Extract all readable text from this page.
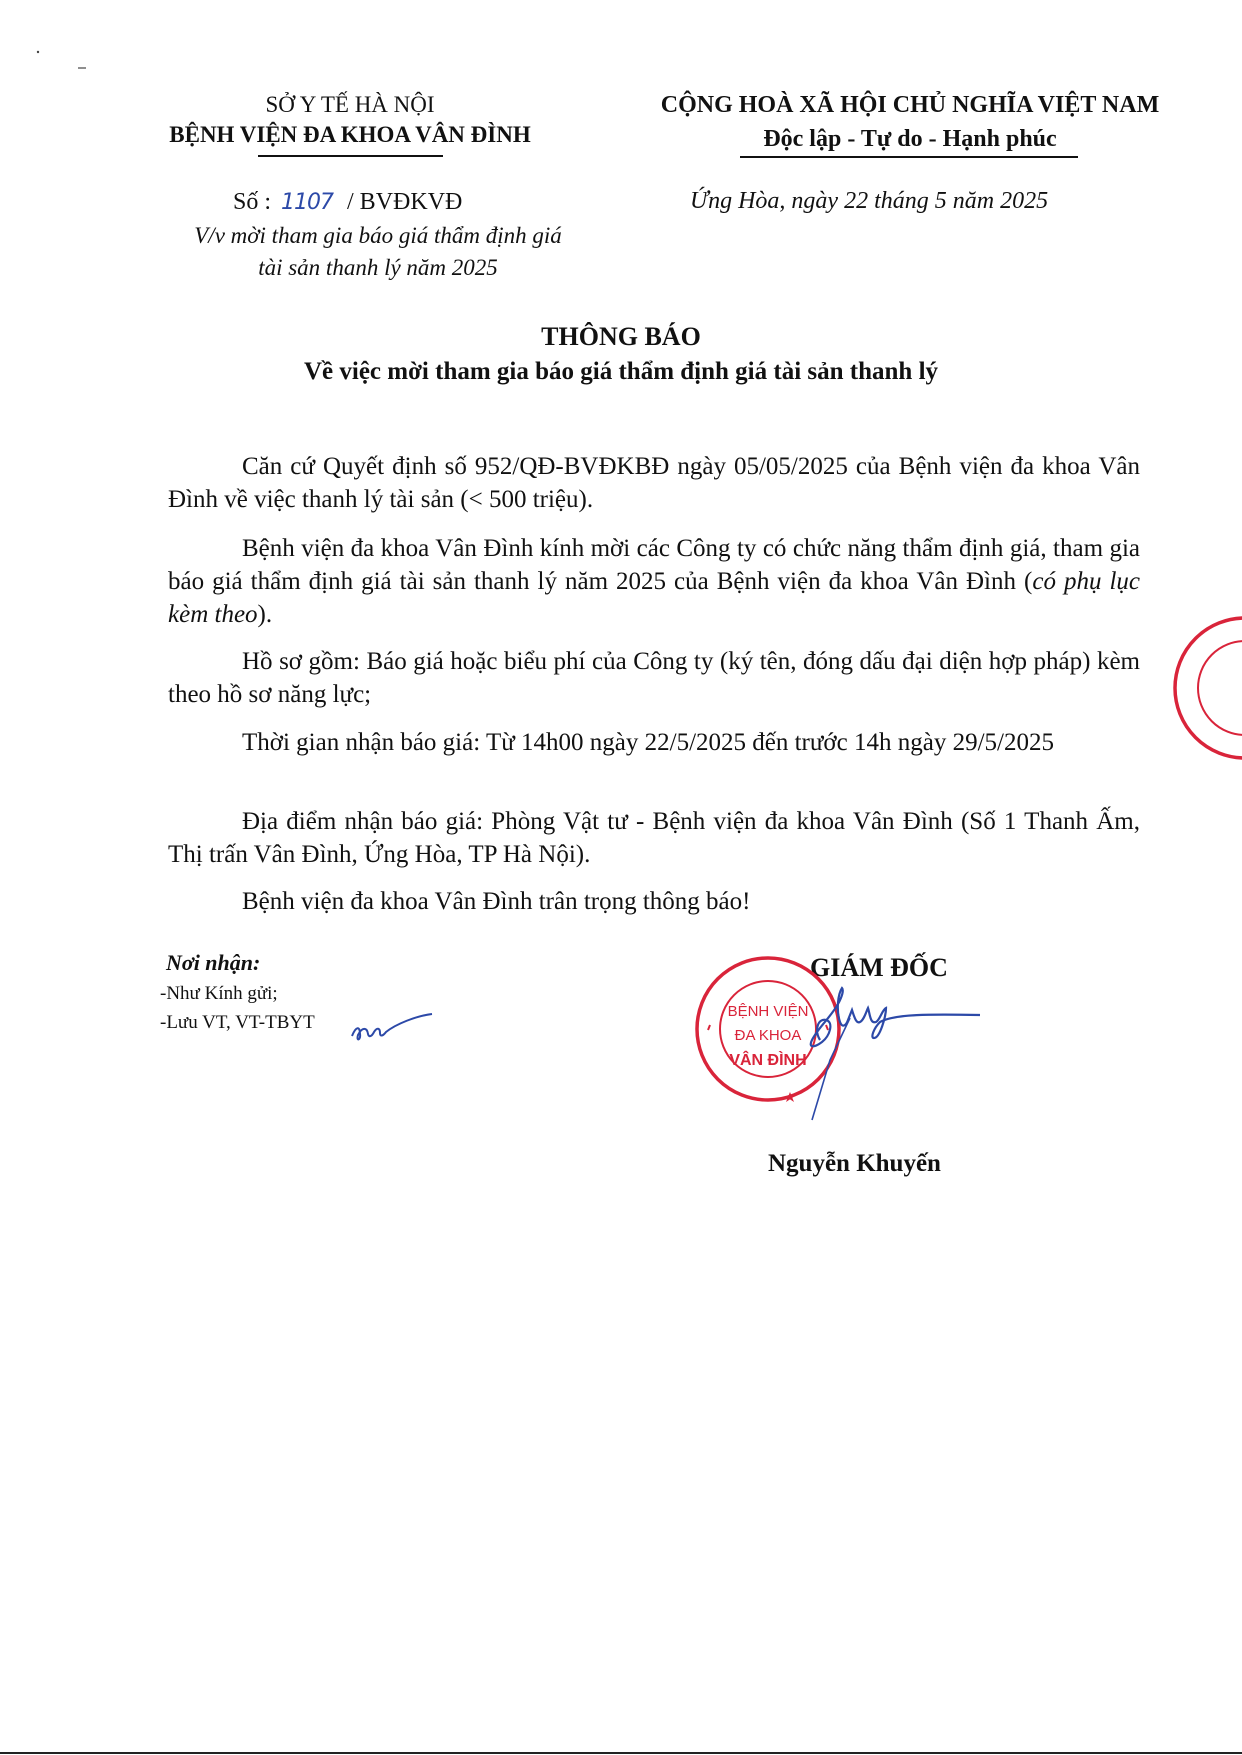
SỞ Y TẾ HÀ NỘI
BỆNH VIỆN ĐA KHOA VÂN ĐÌNH
CỘNG HOÀ XÃ HỘI CHỦ NGHĨA VIỆT NAM
Độc lập - Tự do - Hạnh phúc
Số : 1107 / BVĐKVĐ
V/v mời tham gia báo giá thẩm định giá
tài sản thanh lý năm 2025
Ứng Hòa, ngày 22 tháng 5 năm 2025
THÔNG BÁO
Về việc mời tham gia báo giá thẩm định giá tài sản thanh lý
Căn cứ Quyết định số 952/QĐ-BVĐKBĐ ngày 05/05/2025 của Bệnh viện đa khoa Vân Đình về việc thanh lý tài sản (< 500 triệu).
Bệnh viện đa khoa Vân Đình kính mời các Công ty có chức năng thẩm định giá, tham gia báo giá thẩm định giá tài sản thanh lý năm 2025 của Bệnh viện đa khoa Vân Đình (có phụ lục kèm theo).
Hồ sơ gồm: Báo giá hoặc biểu phí của Công ty (ký tên, đóng dấu đại diện hợp pháp) kèm theo hồ sơ năng lực;
Thời gian nhận báo giá: Từ 14h00 ngày 22/5/2025 đến trước 14h ngày 29/5/2025
Địa điểm nhận báo giá: Phòng Vật tư - Bệnh viện đa khoa Vân Đình (Số 1 Thanh Ấm, Thị trấn Vân Đình, Ứng Hòa, TP Hà Nội).
Bệnh viện đa khoa Vân Đình trân trọng thông báo!
Nơi nhận:
-Như Kính gửi;
-Lưu VT, VT-TBYT
GIÁM ĐỐC
Nguyễn Khuyến
BỆNH VIỆN
ĐA KHOA
VÂN ĐÌNH
